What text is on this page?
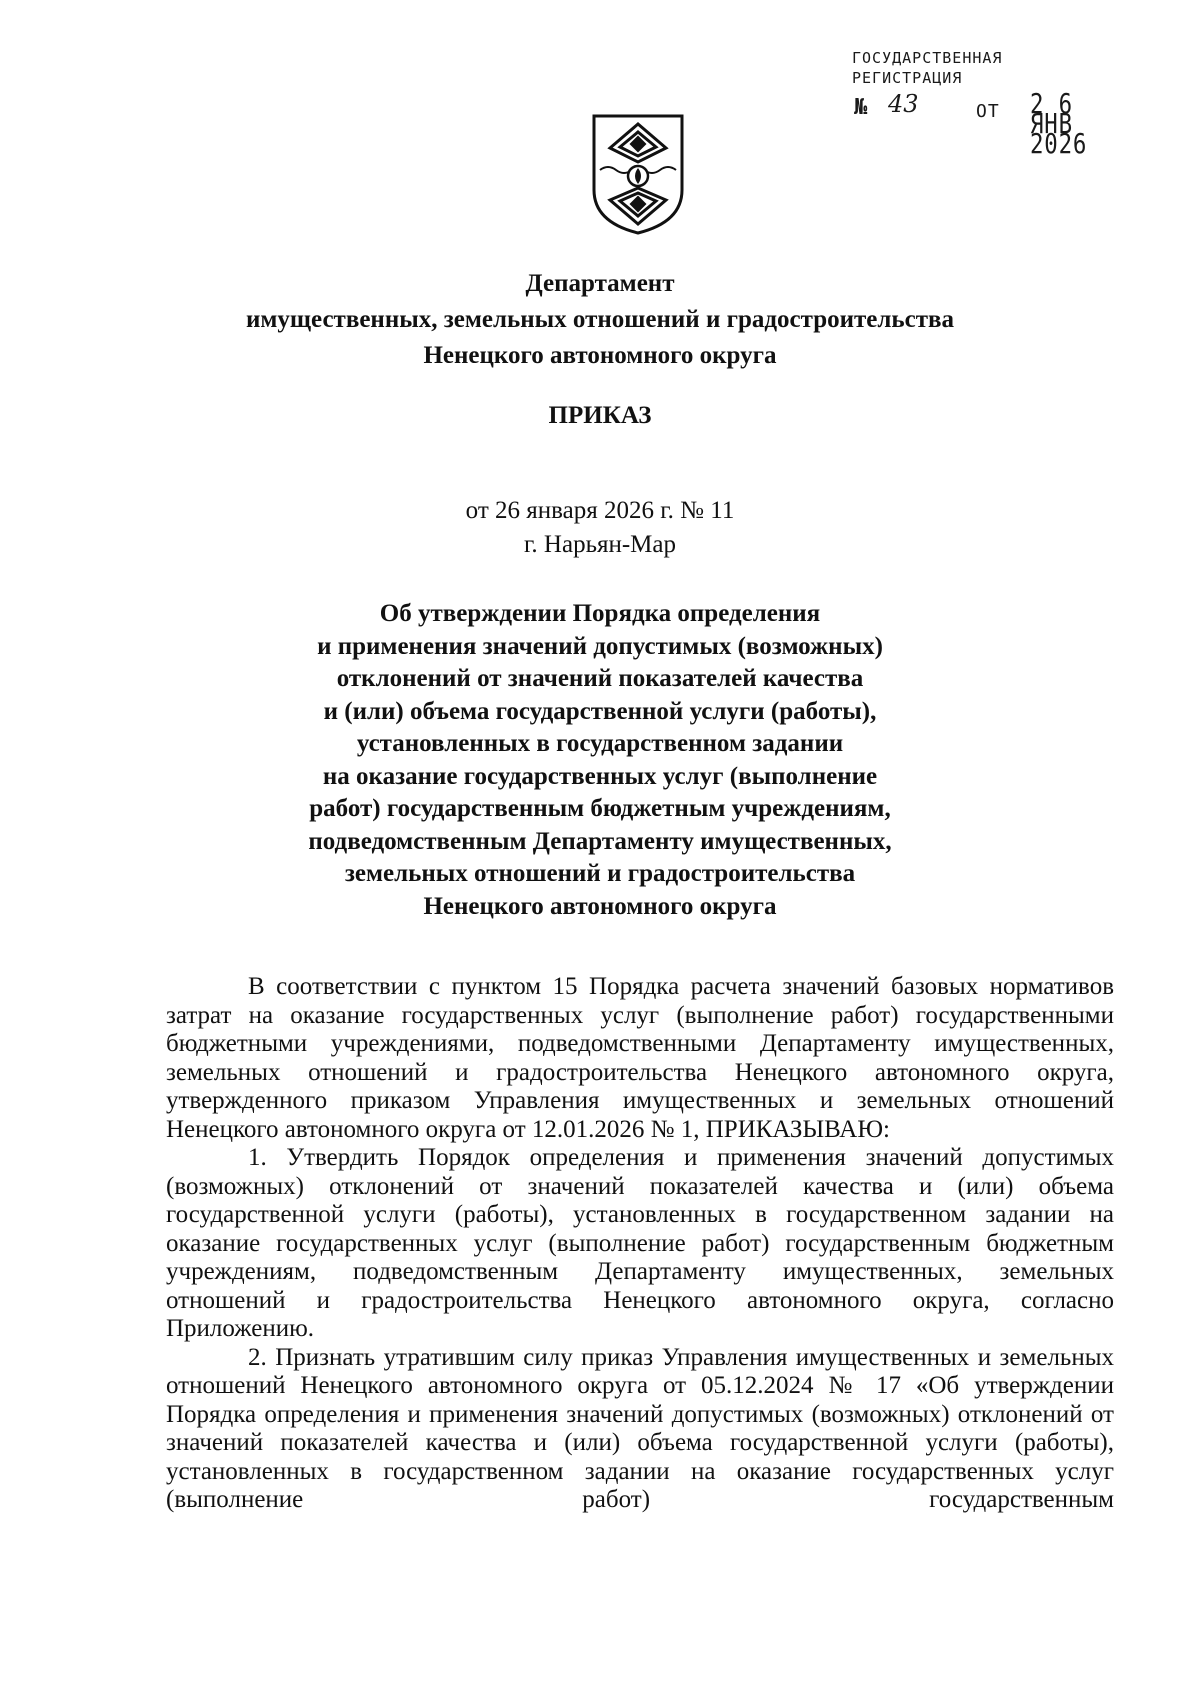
ГОСУДАРСТВЕННАЯ
РЕГИСТРАЦИЯ
№ 43	ОТ 2 6 ЯНВ 2026
Департамент
имущественных, земельных отношений и градостроительства
Ненецкого автономного округа
ПРИКАЗ
от 26 января 2026 г. № 11
г. Нарьян-Мар
Об утверждении Порядка определения
и применения значений допустимых (возможных)
отклонений от значений показателей качества
и (или) объема государственной услуги (работы),
установленных в государственном задании
на оказание государственных услуг (выполнение
работ) государственным бюджетным учреждениям,
подведомственным Департаменту имущественных,
земельных отношений и градостроительства
Ненецкого автономного округа

В соответствии с пунктом 15 Порядка расчета значений базовых нормативов затрат на оказание государственных услуг (выполнение работ) государственными бюджетными учреждениями, подведомственными Департаменту имущественных, земельных отношений и градостроительства Ненецкого автономного округа, утвержденного приказом Управления имущественных и земельных отношений Ненецкого автономного округа от 12.01.2026 № 1, ПРИКАЗЫВАЮ:

1. Утвердить Порядок определения и применения значений допустимых (возможных) отклонений от значений показателей качества и (или) объема государственной услуги (работы), установленных в государственном задании на оказание государственных услуг (выполнение работ) государственным бюджетным учреждениям, подведомственным Департаменту имущественных, земельных отношений и градостроительства Ненецкого автономного округа, согласно Приложению.

2. Признать утратившим силу приказ Управления имущественных и земельных отношений Ненецкого автономного округа от 05.12.2024 № 17 «Об утверждении Порядка определения и применения значений допустимых (возможных) отклонений от значений показателей качества и (или) объема государственной услуги (работы), установленных в государственном задании на оказание государственных услуг (выполнение работ) государственным
